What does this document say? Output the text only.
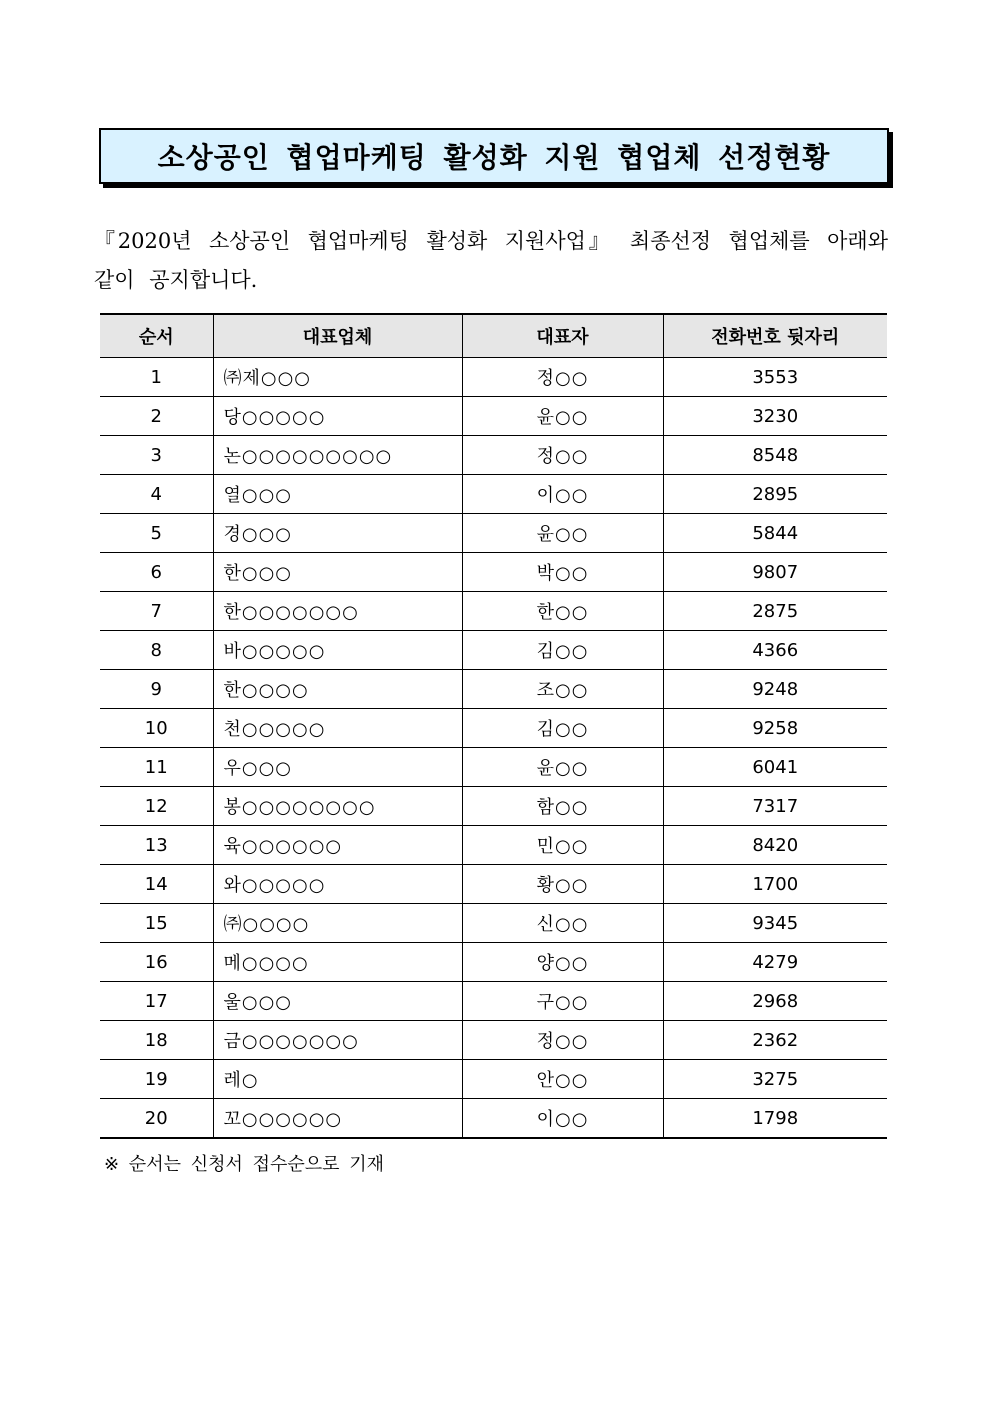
소상공인 협업마케팅 활성화 지원 협업체 선정현황
『2020년 소상공인 협업마케팅 활성화 지원사업』 최종선정 협업체를 아래와 같이 공지합니다.
순서	대표업체	대표자	전화번호 뒷자리
1	㈜제○○○	정○○	3553
2	당○○○○○	윤○○	3230
3	논○○○○○○○○○	정○○	8548
4	열○○○	이○○	2895
5	경○○○	윤○○	5844
6	한○○○	박○○	9807
7	한○○○○○○○	한○○	2875
8	바○○○○○	김○○	4366
9	한○○○○	조○○	9248
10	천○○○○○	김○○	9258
11	우○○○	윤○○	6041
12	봉○○○○○○○○	함○○	7317
13	육○○○○○○	민○○	8420
14	와○○○○○	황○○	1700
15	㈜○○○○	신○○	9345
16	메○○○○	양○○	4279
17	울○○○	구○○	2968
18	금○○○○○○○	정○○	2362
19	레○	안○○	3275
20	꼬○○○○○○	이○○	1798
※ 순서는 신청서 접수순으로 기재
